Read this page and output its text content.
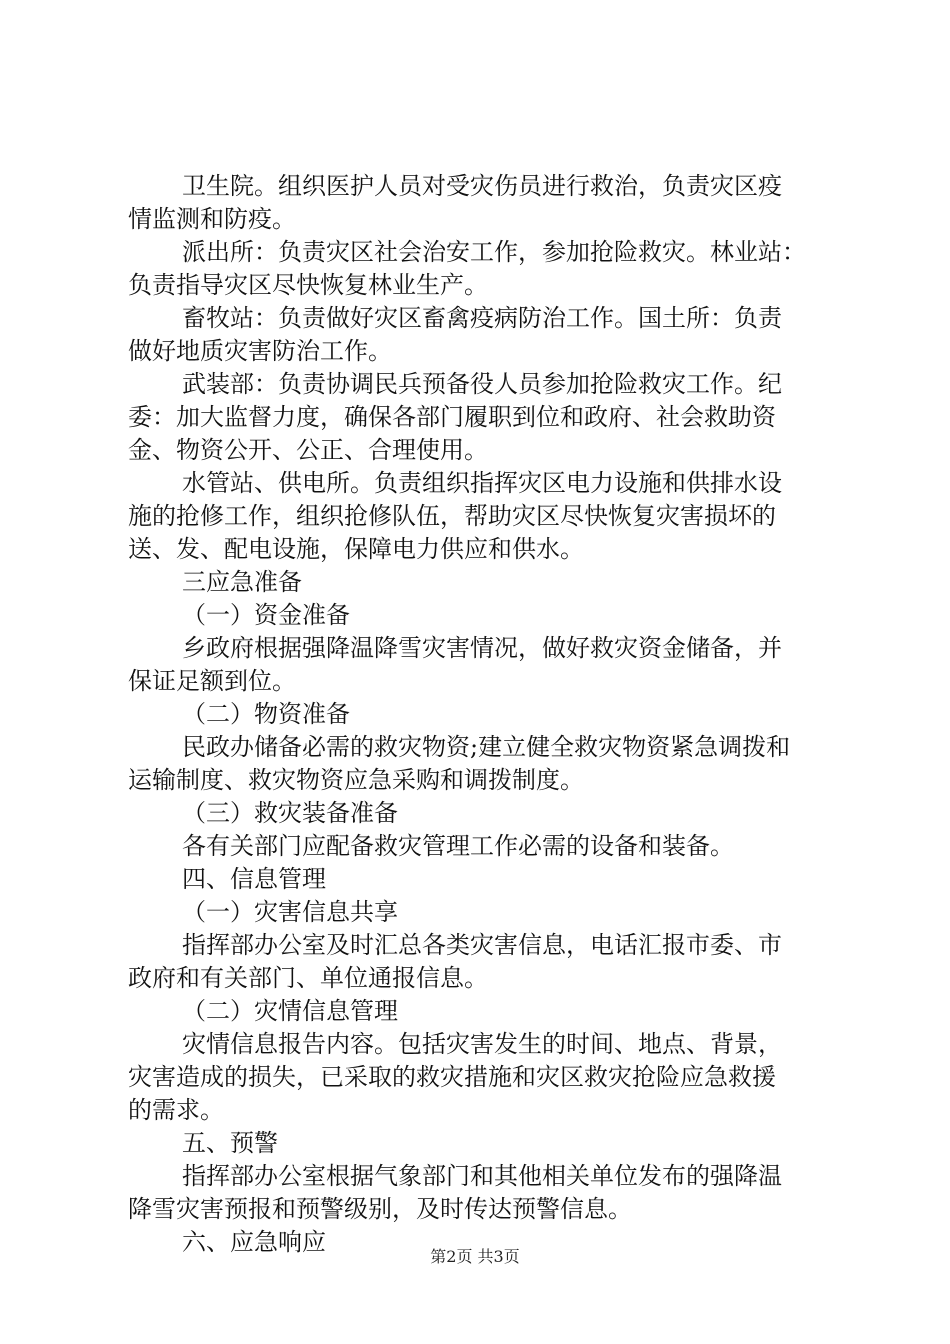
卫生院。组织医护人员对受灾伤员进行救治，负责灾区疫
情监测和防疫。
派出所：负责灾区社会治安工作，参加抢险救灾。林业站：
负责指导灾区尽快恢复林业生产。
畜牧站：负责做好灾区畜禽疫病防治工作。国土所：负责
做好地质灾害防治工作。
武装部：负责协调民兵预备役人员参加抢险救灾工作。纪
委：加大监督力度，确保各部门履职到位和政府、社会救助资
金、物资公开、公正、合理使用。
水管站、供电所。负责组织指挥灾区电力设施和供排水设
施的抢修工作，组织抢修队伍，帮助灾区尽快恢复灾害损坏的
送、发、配电设施，保障电力供应和供水。
三应急准备
（一）资金准备
乡政府根据强降温降雪灾害情况，做好救灾资金储备，并
保证足额到位。
（二）物资准备
民政办储备必需的救灾物资;建立健全救灾物资紧急调拨和
运输制度、救灾物资应急采购和调拨制度。
（三）救灾装备准备
各有关部门应配备救灾管理工作必需的设备和装备。
四、信息管理
（一）灾害信息共享
指挥部办公室及时汇总各类灾害信息，电话汇报市委、市
政府和有关部门、单位通报信息。
（二）灾情信息管理
灾情信息报告内容。包括灾害发生的时间、地点、背景，
灾害造成的损失，已采取的救灾措施和灾区救灾抢险应急救援
的需求。
五、预警
指挥部办公室根据气象部门和其他相关单位发布的强降温
降雪灾害预报和预警级别，及时传达预警信息。
六、应急响应
第2页 共3页
